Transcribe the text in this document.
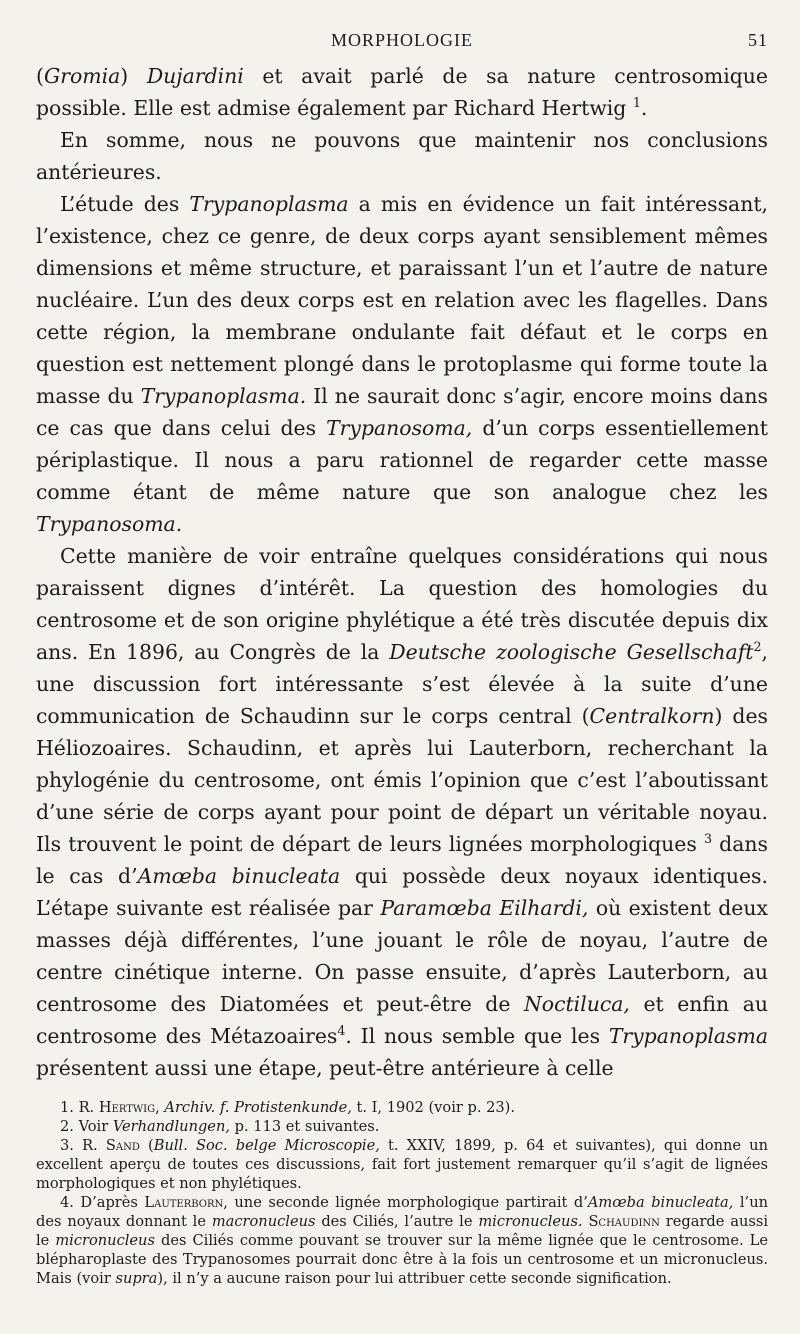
MORPHOLOGIE	51

(Gromia) Dujardini et avait parlé de sa nature centrosomique possible. Elle est admise également par Richard Hertwig $^1$.

En somme, nous ne pouvons que maintenir nos conclusions antérieures.

L’étude des Trypanoplasma a mis en évidence un fait intéressant, l’existence, chez ce genre, de deux corps ayant sensiblement mêmes dimensions et même structure, et paraissant l’un et l’autre de nature nucléaire. L’un des deux corps est en relation avec les flagelles. Dans cette région, la membrane ondulante fait défaut et le corps en question est nettement plongé dans le protoplasme qui forme toute la masse du Trypanoplasma. Il ne saurait donc s’agir, encore moins dans ce cas que dans celui des Trypanosoma, d’un corps essentiellement périplastique. Il nous a paru rationnel de regarder cette masse comme étant de même nature que son analogue chez les Trypanosoma.

Cette manière de voir entraîne quelques considérations qui nous paraissent dignes d’intérêt. La question des homologies du centrosome et de son origine phylétique a été très discutée depuis dix ans. En 1896, au Congrès de la Deutsche zoologische Gesellschaft$^2$, une discussion fort intéressante s’est élevée à la suite d’une communication de Schaudinn sur le corps central (Centralkorn) des Héliozoaires. Schaudinn, et après lui Lauterborn, recherchant la phylogénie du centrosome, ont émis l’opinion que c’est l’aboutissant d’une série de corps ayant pour point de départ un véritable noyau. Ils trouvent le point de départ de leurs lignées morphologiques $^3$ dans le cas d’Amœba binucleata qui possède deux noyaux identiques. L’étape suivante est réalisée par Paramœba Eilhardi, où existent deux masses déjà différentes, l’une jouant le rôle de noyau, l’autre de centre cinétique interne. On passe ensuite, d’après Lauterborn, au centrosome des Diatomées et peut-être de Noctiluca, et enfin au centrosome des Métazoaires$^4$. Il nous semble que les Trypanoplasma présentent aussi une étape, peut-être antérieure à celle

1. R. Hertwig, Archiv. f. Protistenkunde, t. I, 1902 (voir p. 23).

2. Voir Verhandlungen, p. 113 et suivantes.

3. R. Sand (Bull. Soc. belge Microscopie, t. XXIV, 1899, p. 64 et suivantes), qui donne un excellent aperçu de toutes ces discussions, fait fort justement remarquer qu’il s’agit de lignées morphologiques et non phylétiques.

4. D’après Lauterborn, une seconde lignée morphologique partirait d’Amœba binucleata, l’un des noyaux donnant le macronucleus des Ciliés, l’autre le micronucleus. Schaudinn regarde aussi le micronucleus des Ciliés comme pouvant se trouver sur la même lignée que le centrosome. Le blépharoplaste des Trypanosomes pourrait donc être à la fois un centrosome et un micronucleus. Mais (voir supra), il n’y a aucune raison pour lui attribuer cette seconde signification.
